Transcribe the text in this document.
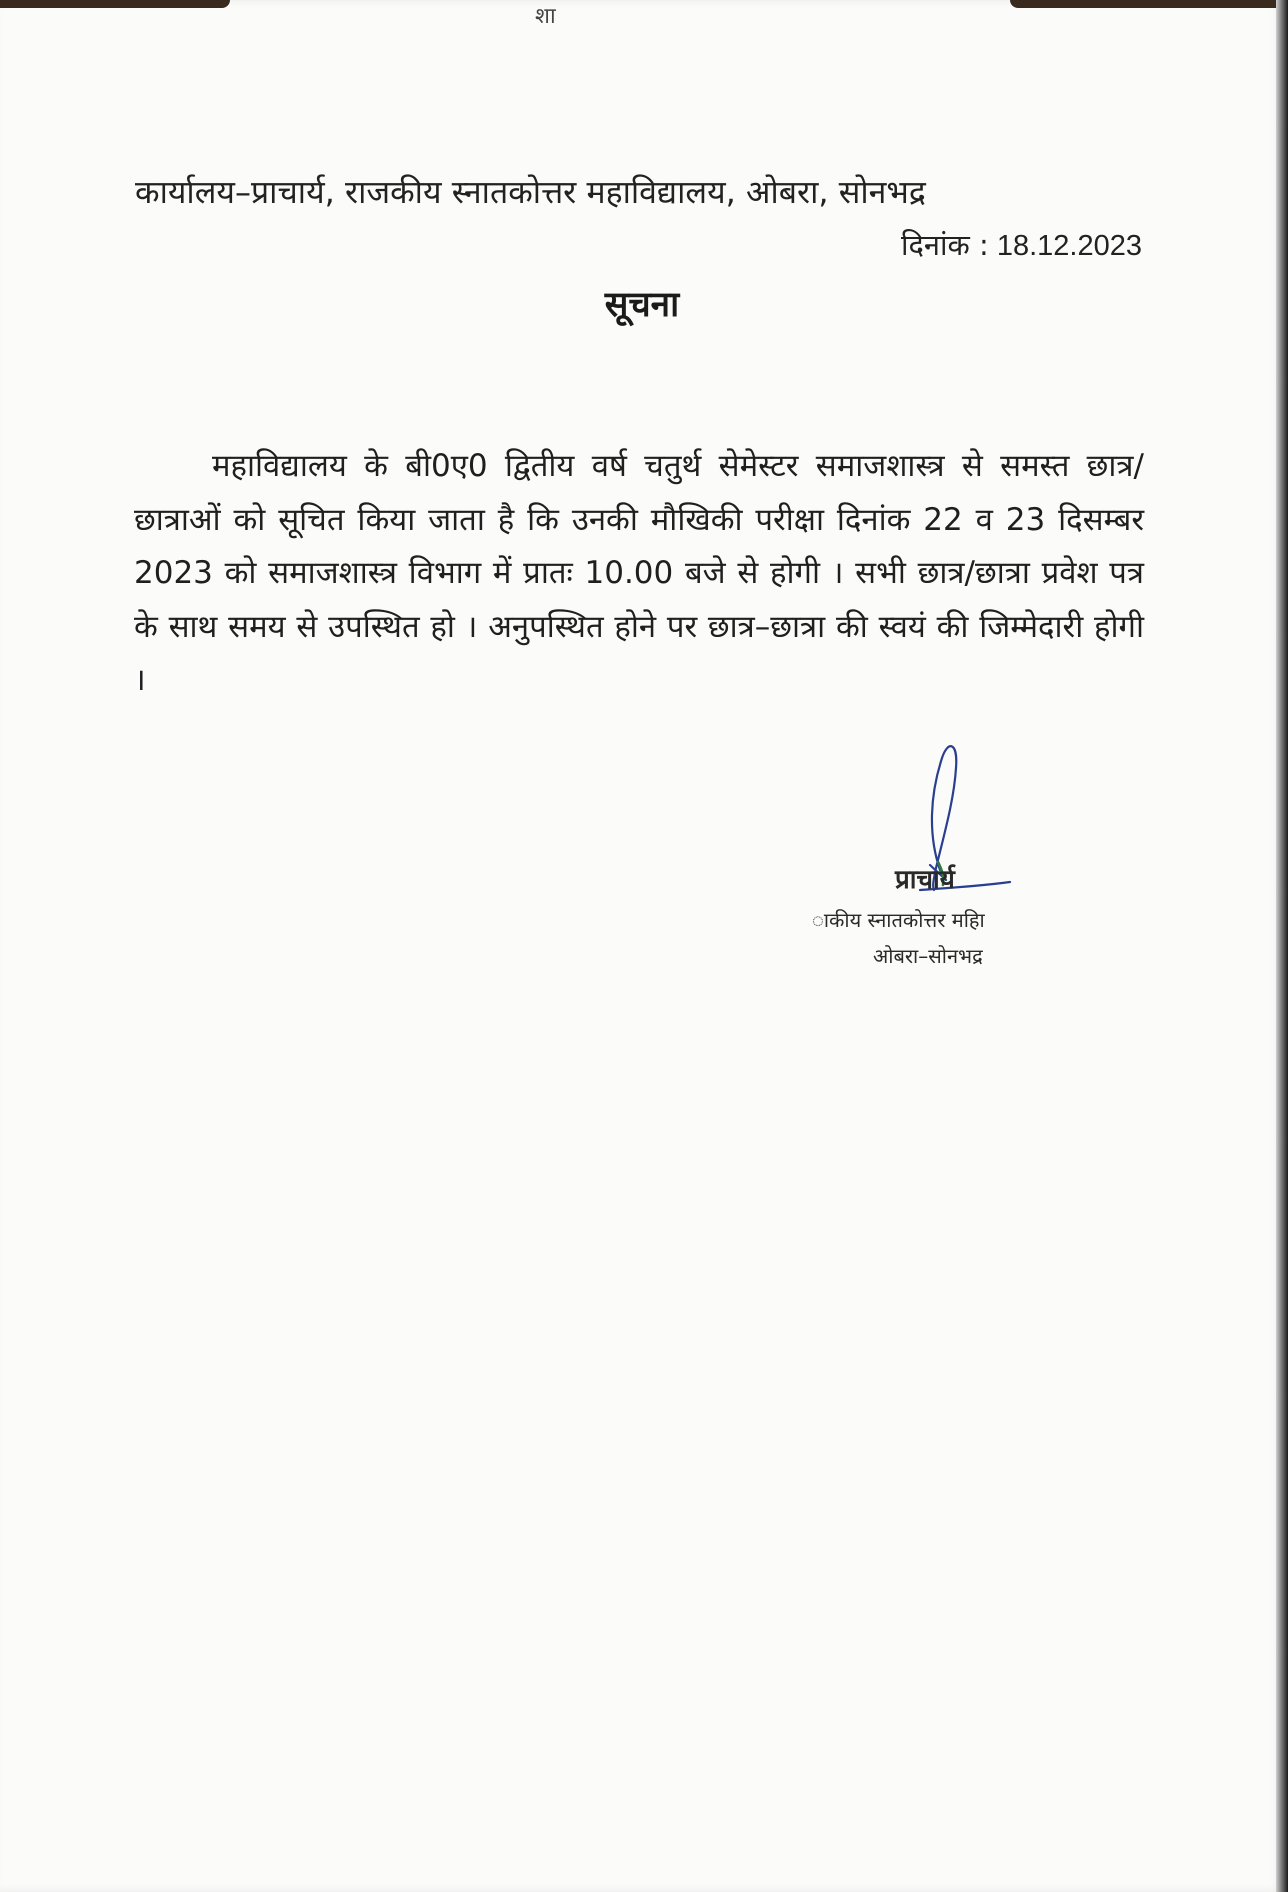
शा
कार्यालय–प्राचार्य, राजकीय स्नातकोत्तर महाविद्यालय, ओबरा, सोनभद्र
दिनांक : 18.12.2023
सूचना
महाविद्यालय के बी0ए0 द्वितीय वर्ष चतुर्थ सेमेस्टर समाजशास्त्र से समस्त छात्र/छात्राओं को सूचित किया जाता है कि उनकी मौखिकी परीक्षा दिनांक 22 व 23 दिसम्बर 2023 को समाजशास्त्र विभाग में प्रातः 10.00 बजे से होगी । सभी छात्र/छात्रा प्रवेश पत्र के साथ समय से उपस्थित हो । अनुपस्थित होने पर छात्र–छात्रा की स्वयं की जिम्मेदारी होगी ।
प्राचार्य
ाकीय स्नातकोत्तर महाि
ओबरा–सोनभद्र
